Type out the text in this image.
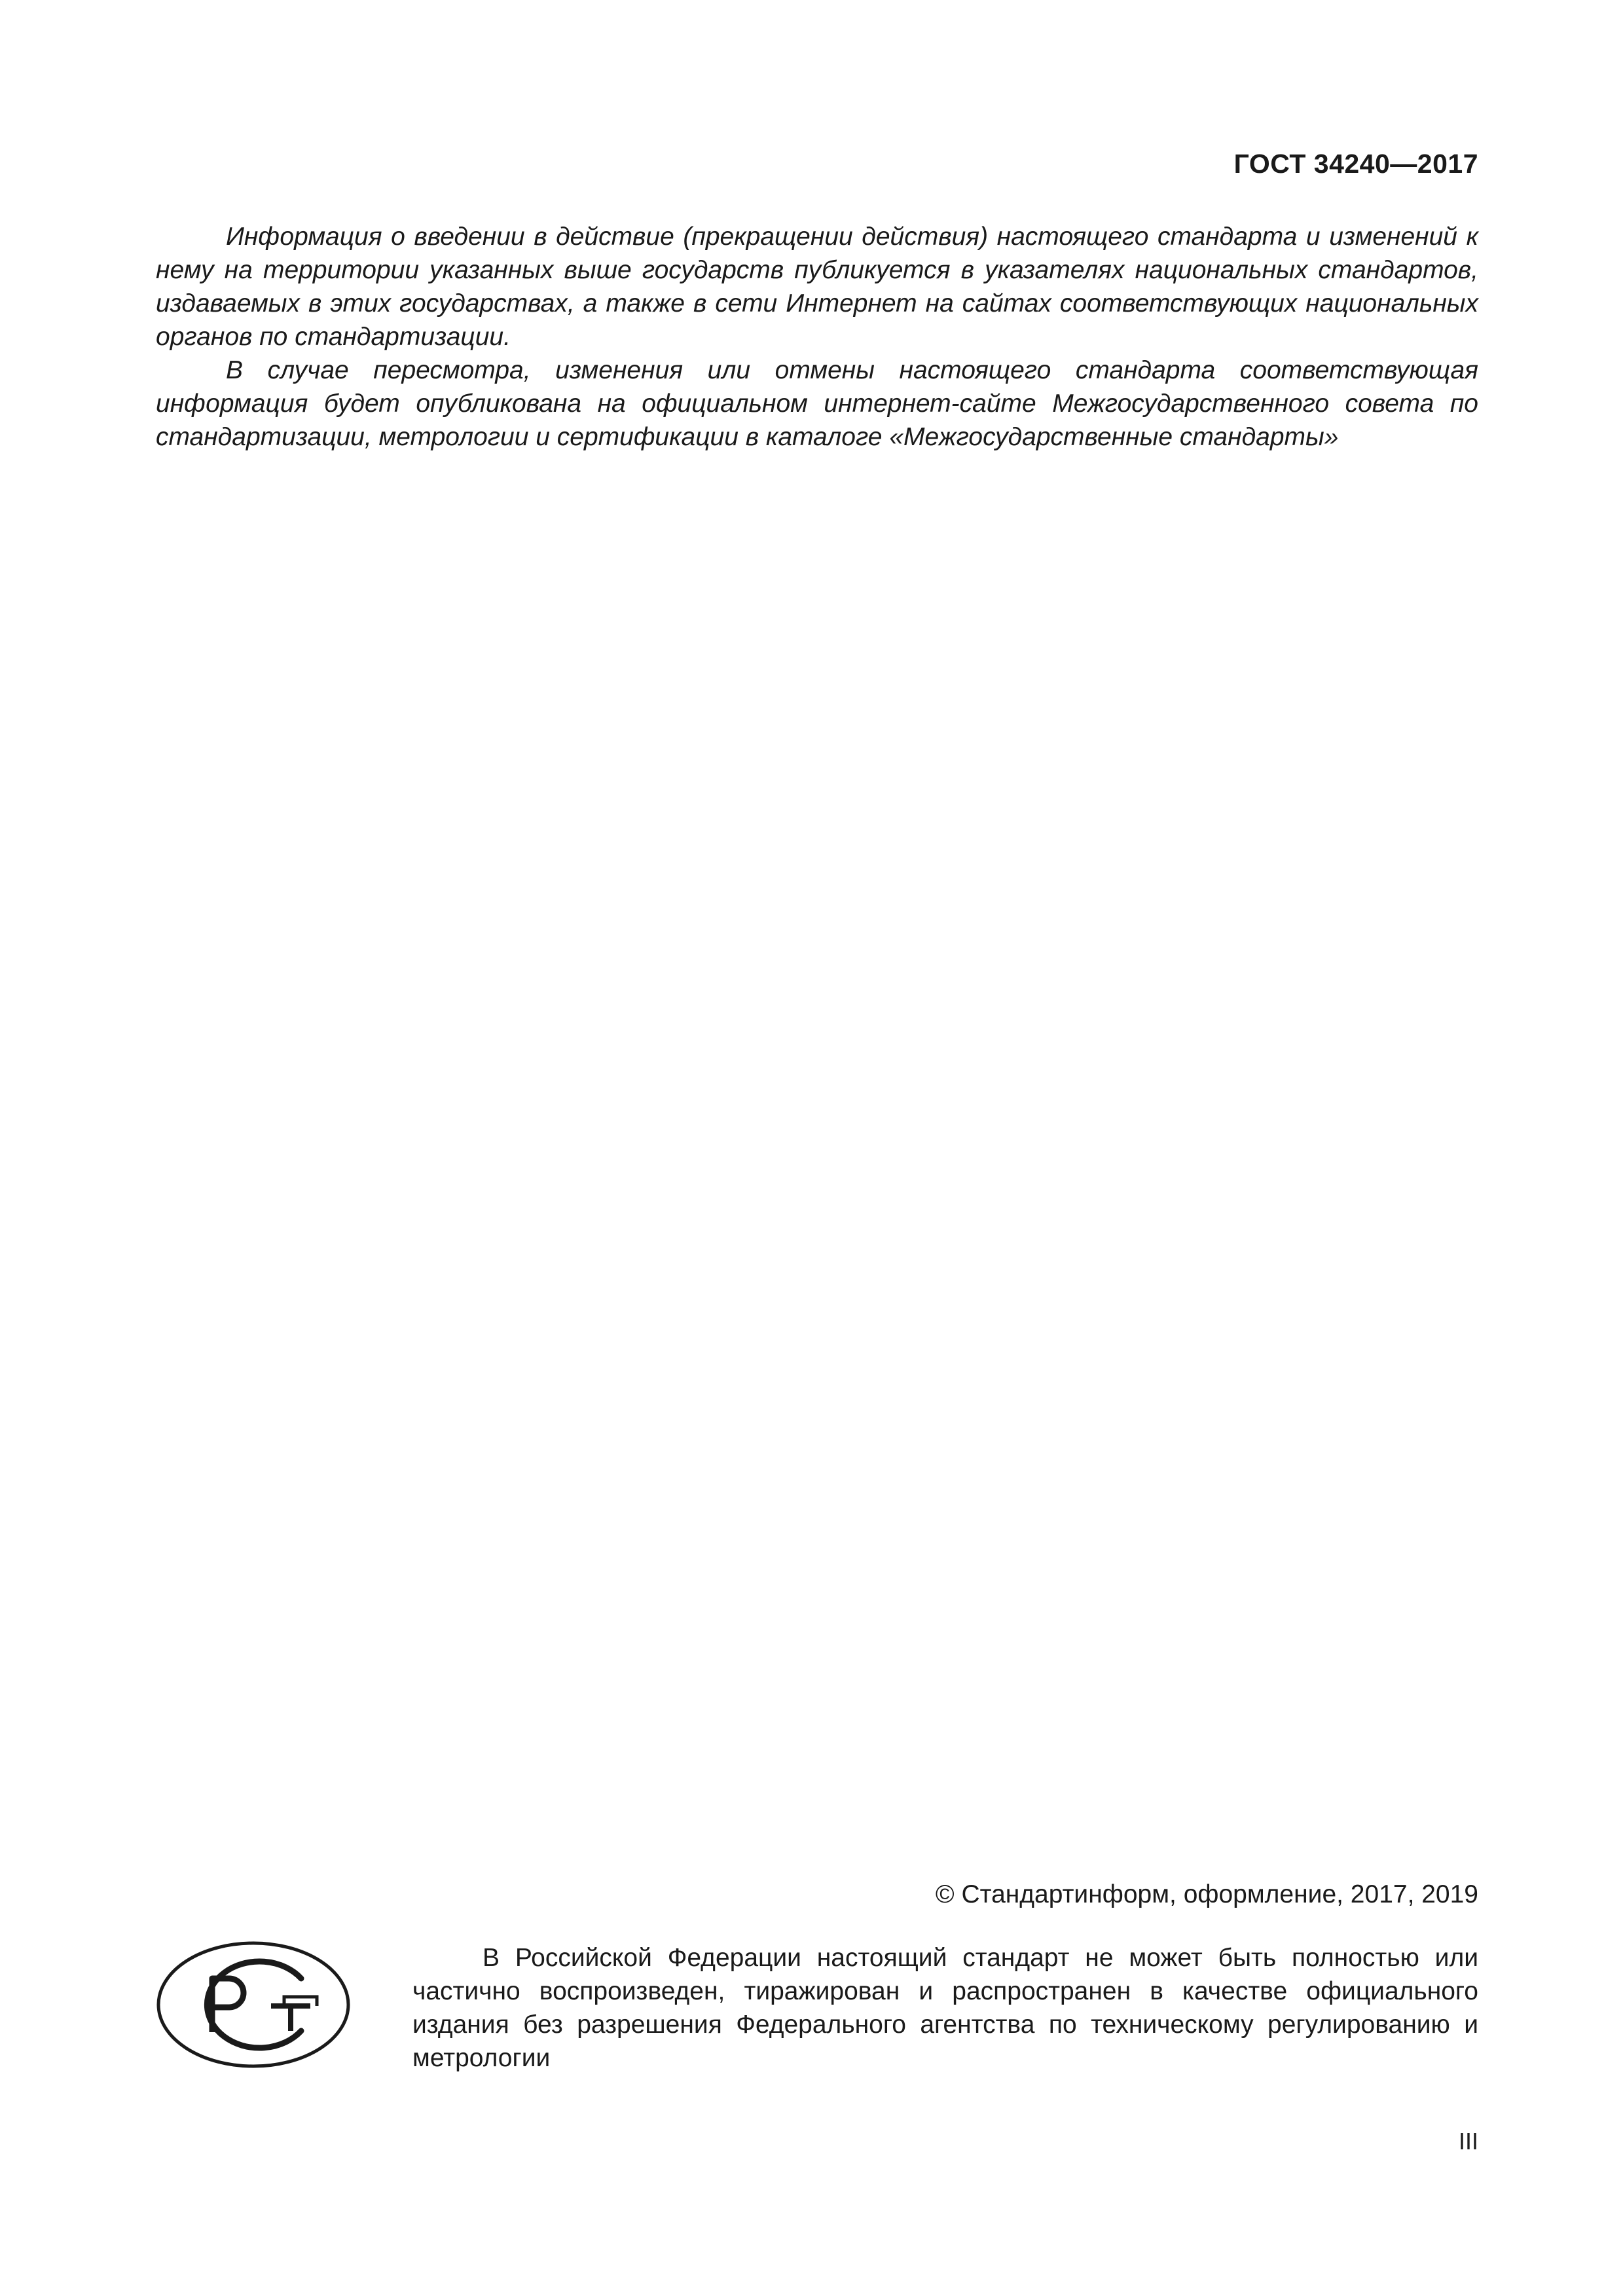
ГОСТ 34240—2017

Информация о введении в действие (прекращении действия) настоящего стандарта и изменений к нему на территории указанных выше государств публикуется в указателях национальных стандартов, издаваемых в этих государствах, а также в сети Интернет на сайтах соответствующих национальных органов по стандартизации.

В случае пересмотра, изменения или отмены настоящего стандарта соответствующая информация будет опубликована на официальном интернет-сайте Межгосударственного совета по стандартизации, метрологии и сертификации в каталоге «Межгосударственные стандарты»

© Стандартинформ, оформление, 2017, 2019

В Российской Федерации настоящий стандарт не может быть полностью или частично воспроизведен, тиражирован и распространен в качестве официального издания без разрешения Федерального агентства по техническому регулированию и метрологии

III
